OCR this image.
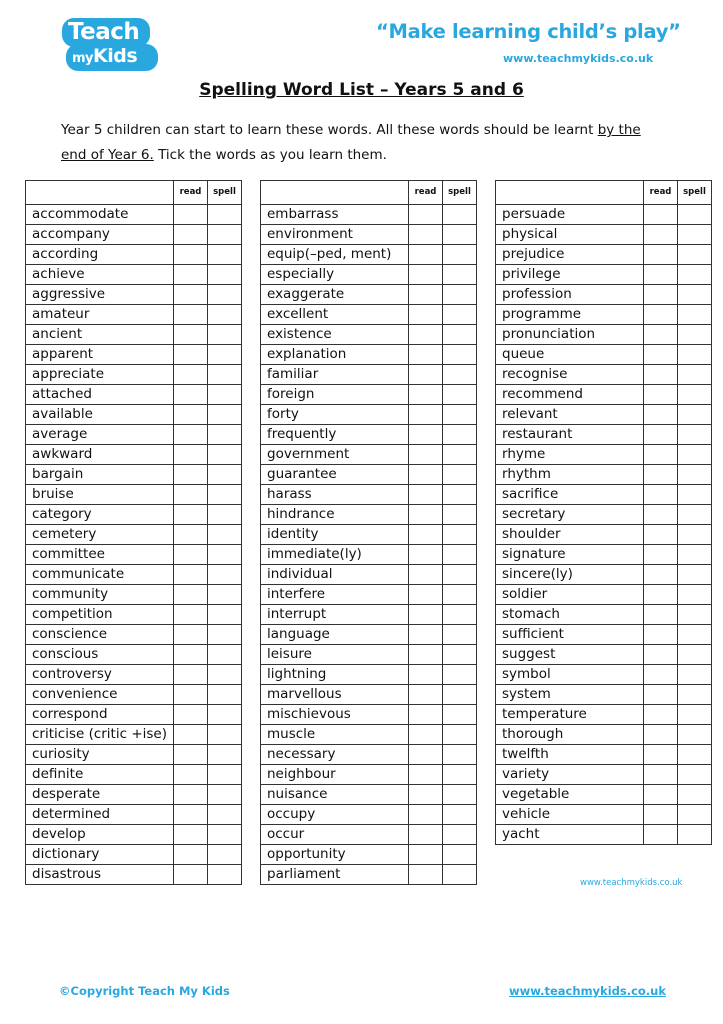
Teach
myKids
“Make learning child’s play”
www.teachmykids.co.uk
Spelling Word List – Years 5 and 6
Year 5 children can start to learn these words. All these words should be learnt by the end of Year 6. Tick the words as you learn them.
	read	spell
accommodate		
accompany		
according		
achieve		
aggressive		
amateur		
ancient		
apparent		
appreciate		
attached		
available		
average		
awkward		
bargain		
bruise		
category		
cemetery		
committee		
communicate		
community		
competition		
conscience		
conscious		
controversy		
convenience		
correspond		
criticise (critic +ise)		
curiosity		
definite		
desperate		
determined		
develop		
dictionary		
disastrous		
	read	spell
embarrass		
environment		
equip(–ped, ment)		
especially		
exaggerate		
excellent		
existence		
explanation		
familiar		
foreign		
forty		
frequently		
government		
guarantee		
harass		
hindrance		
identity		
immediate(ly)		
individual		
interfere		
interrupt		
language		
leisure		
lightning		
marvellous		
mischievous		
muscle		
necessary		
neighbour		
nuisance		
occupy		
occur		
opportunity		
parliament		
	read	spell
persuade		
physical		
prejudice		
privilege		
profession		
programme		
pronunciation		
queue		
recognise		
recommend		
relevant		
restaurant		
rhyme		
rhythm		
sacrifice		
secretary		
shoulder		
signature		
sincere(ly)		
soldier		
stomach		
sufficient		
suggest		
symbol		
system		
temperature		
thorough		
twelfth		
variety		
vegetable		
vehicle		
yacht		
www.teachmykids.co.uk
©Copyright Teach My Kids	www.teachmykids.co.uk
